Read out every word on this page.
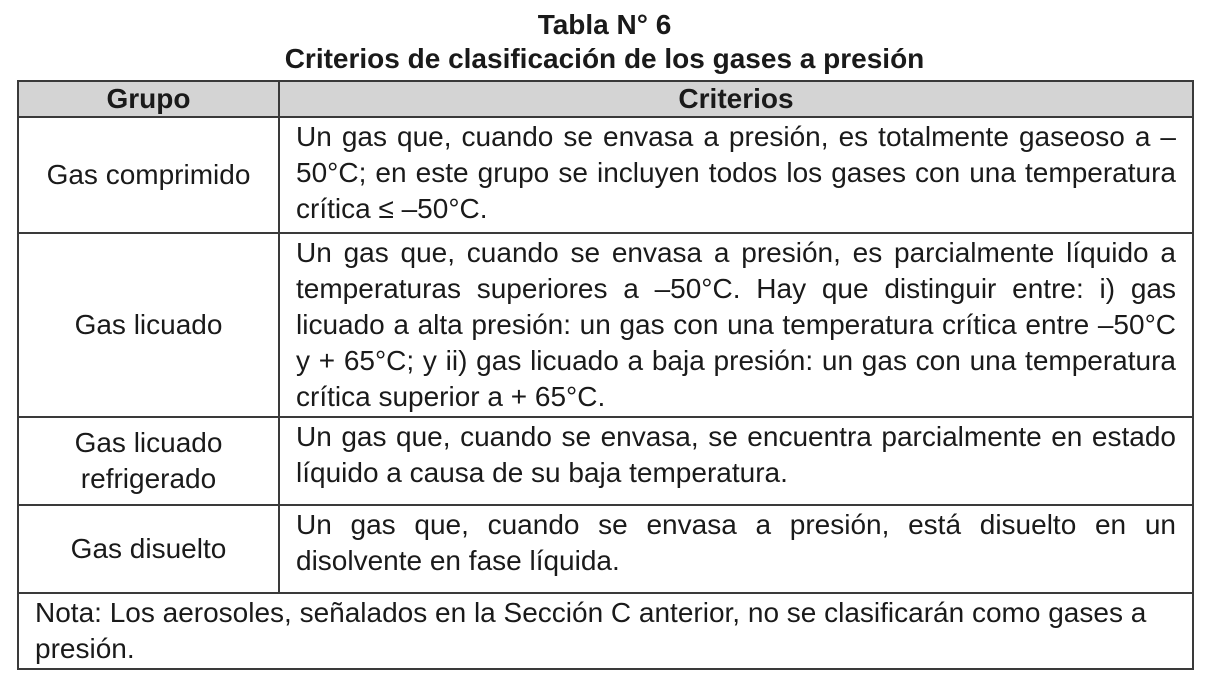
Tabla N° 6
Criterios de clasificación de los gases a presión
Grupo	Criterios
Gas comprimido	Un gas que, cuando se envasa a presión, es totalmente gaseoso a –50°C; en este grupo se incluyen todos los gases con una temperatura crítica ≤ –50°C.
Gas licuado	Un gas que, cuando se envasa a presión, es parcialmente líquido a temperaturas superiores a –50°C. Hay que distinguir entre: i) gas licuado a alta presión: un gas con una temperatura crítica entre –50°C y + 65°C; y ii) gas licuado a baja presión: un gas con una temperatura crítica superior a + 65°C.
Gas licuado refrigerado	Un gas que, cuando se envasa, se encuentra parcialmente en estado líquido a causa de su baja temperatura.
Gas disuelto	Un gas que, cuando se envasa a presión, está disuelto en un disolvente en fase líquida.
Nota: Los aerosoles, señalados en la Sección C anterior, no se clasificarán como gases a presión.	
